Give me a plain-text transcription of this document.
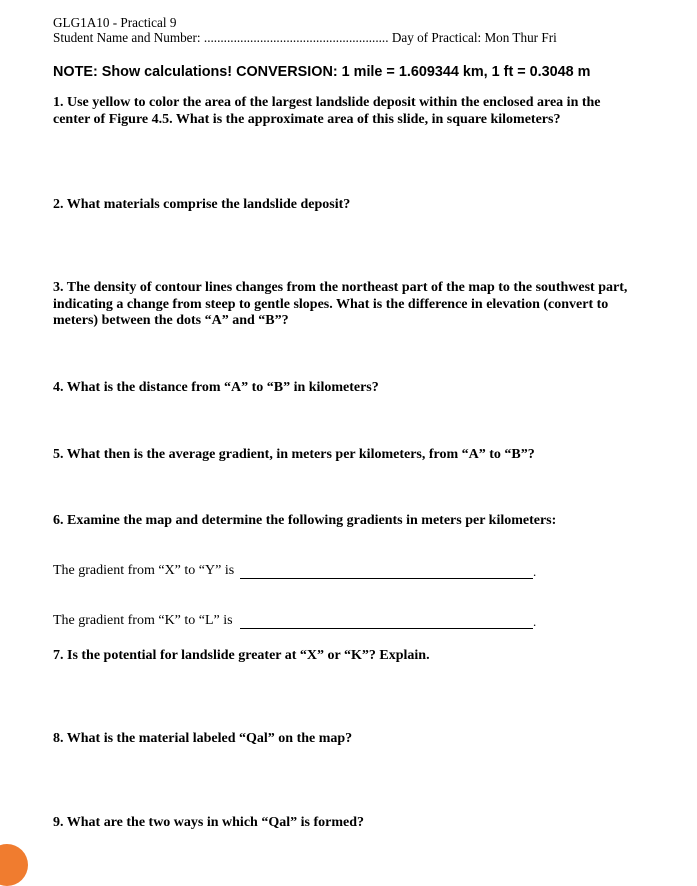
GLG1A10 - Practical 9
Student Name and Number: ........................................................ Day of Practical: Mon Thur Fri
NOTE: Show calculations! CONVERSION: 1 mile = 1.609344 km, 1 ft = 0.3048 m
1. Use yellow to color the area of the largest landslide deposit within the enclosed area in the center of Figure 4.5. What is the approximate area of this slide, in square kilometers?
2. What materials comprise the landslide deposit?
3. The density of contour lines changes from the northeast part of the map to the southwest part, indicating a change from steep to gentle slopes. What is the difference in elevation (convert to meters) between the dots “A” and “B”?
4. What is the distance from “A” to “B” in kilometers?
5. What then is the average gradient, in meters per kilometers, from “A” to “B”?
6. Examine the map and determine the following gradients in meters per kilometers:
The gradient from “X” to “Y” is	.
The gradient from “K” to “L” is	.
7. Is the potential for landslide greater at “X” or “K”? Explain.
8. What is the material labeled “Qal” on the map?
9. What are the two ways in which “Qal” is formed?
